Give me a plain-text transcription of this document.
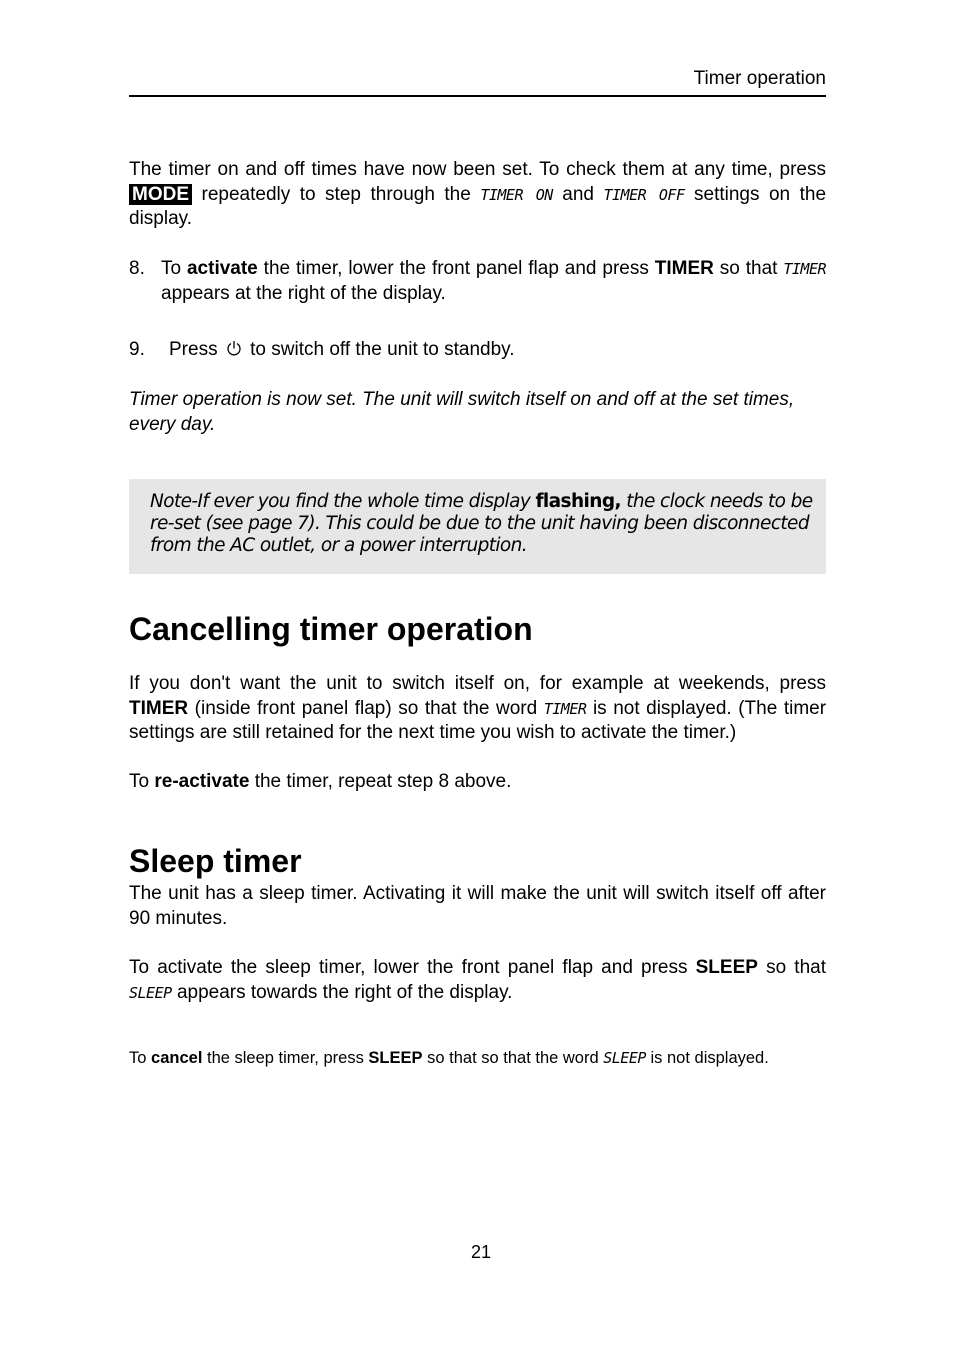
Timer operation

The timer on and off times have now been set. To check them at any time, press MODE repeatedly to step through the TIMER ON and TIMER OFF settings on the display.

8. To activate the timer, lower the front panel flap and press TIMER so that TIMER appears at the right of the display.
9. Press to switch off the unit to standby.

Timer operation is now set. The unit will switch itself on and off at the set times, every day.

Note-If ever you find the whole time display flashing, the clock needs to be re-set (see page 7). This could be due to the unit having been disconnected from the AC outlet, or a power interruption.
Cancelling timer operation

If you don't want the unit to switch itself on, for example at weekends, press TIMER (inside front panel flap) so that the word TIMER is not displayed. (The timer settings are still retained for the next time you wish to activate the timer.)

To re-activate the timer, repeat step 8 above.

Sleep timer

The unit has a sleep timer. Activating it will make the unit will switch itself off after 90 minutes.

To activate the sleep timer, lower the front panel flap and press SLEEP so that SLEEP appears towards the right of the display.

To cancel the sleep timer, press SLEEP so that so that the word SLEEP is not displayed.

21
